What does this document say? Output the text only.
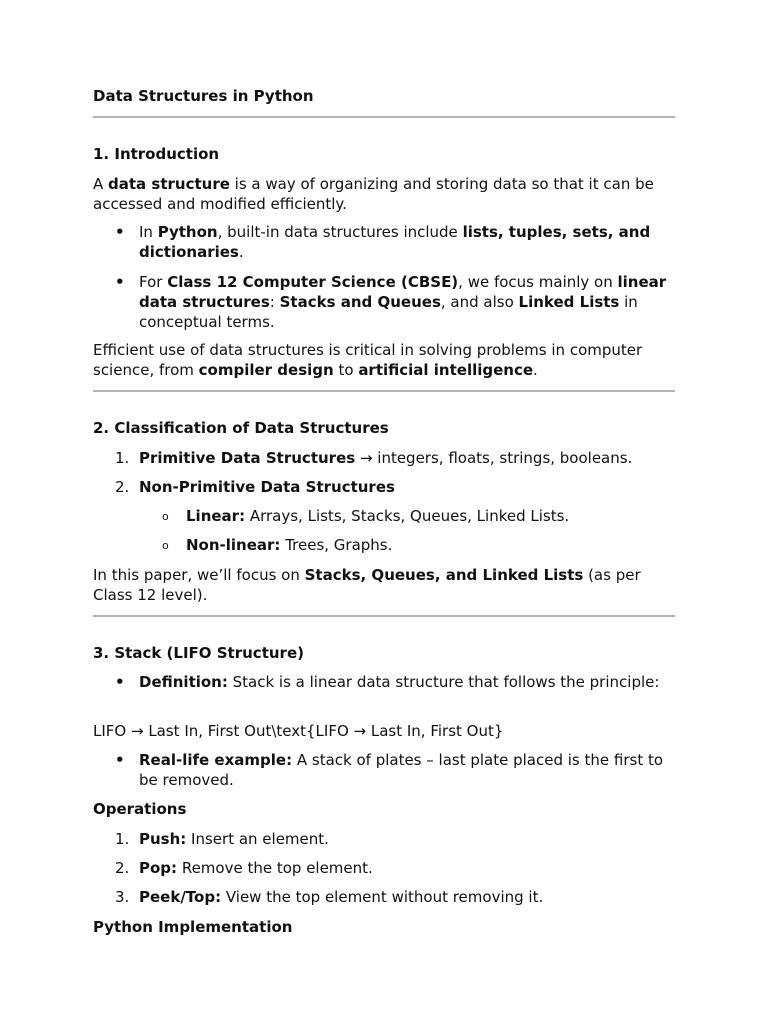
Data Structures in Python
1. Introduction

A data structure is a way of organizing and storing data so that it can be accessed and modified efficiently.

• In Python, built-in data structures include lists, tuples, sets, and dictionaries.

• For Class 12 Computer Science (CBSE), we focus mainly on linear data structures: Stacks and Queues, and also Linked Lists in conceptual terms.

Efficient use of data structures is critical in solving problems in computer science, from compiler design to artificial intelligence.

2. Classification of Data Structures
1. Primitive Data Structures → integers, floats, strings, booleans.

2. Non-Primitive Data Structures

o Linear: Arrays, Lists, Stacks, Queues, Linked Lists.

o Non-linear: Trees, Graphs.

In this paper, we’ll focus on Stacks, Queues, and Linked Lists (as per Class 12 level).

3. Stack (LIFO Structure)
• Definition: Stack is a linear data structure that follows the principle:

LIFO → Last In, First Out\text{LIFO → Last In, First Out}
• Real-life example: A stack of plates – last plate placed is the first to be removed.

Operations
1. Push: Insert an element.

2. Pop: Remove the top element.

3. Peek/Top: View the top element without removing it.

Python Implementation
